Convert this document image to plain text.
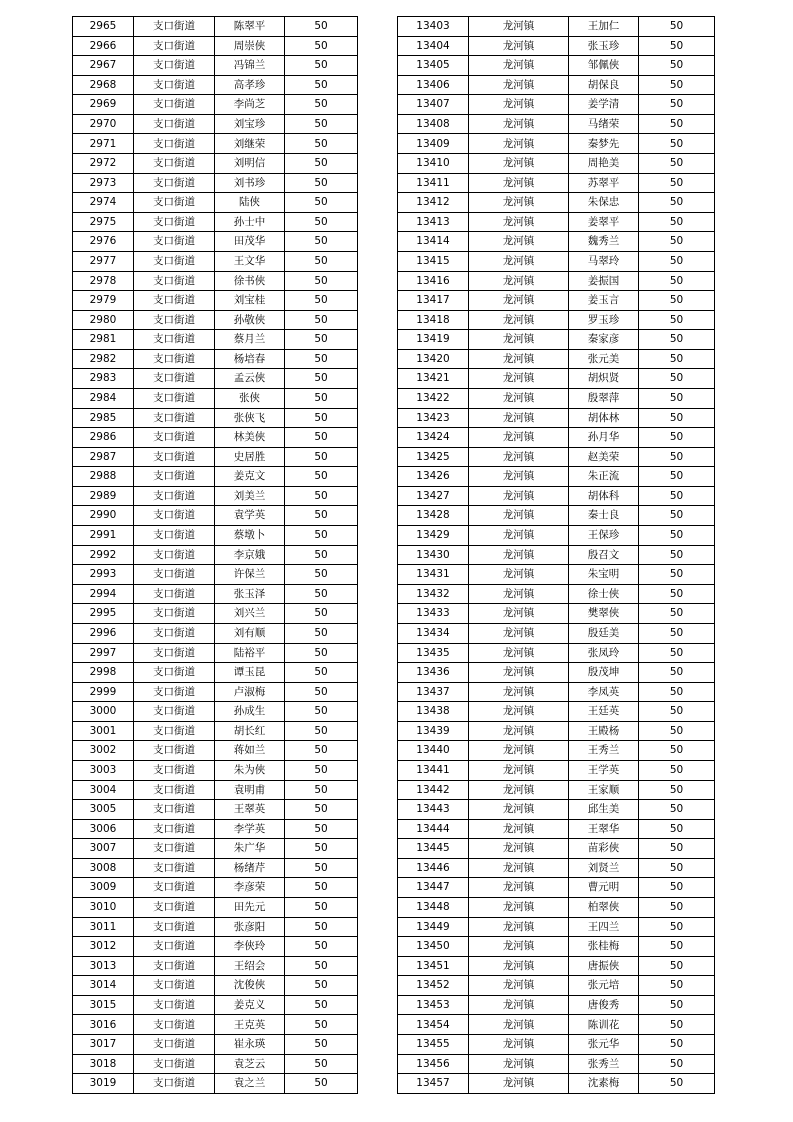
2965	支口街道	陈翠平	50
2966	支口街道	周崇俠	50
2967	支口街道	冯锦兰	50
2968	支口街道	高孝珍	50
2969	支口街道	李尚芝	50
2970	支口街道	刘宝珍	50
2971	支口街道	刘继荣	50
2972	支口街道	刘明信	50
2973	支口街道	刘书珍	50
2974	支口街道	陆俠	50
2975	支口街道	孙士中	50
2976	支口街道	田茂华	50
2977	支口街道	王文华	50
2978	支口街道	徐书俠	50
2979	支口街道	刘宝桂	50
2980	支口街道	孙敬俠	50
2981	支口街道	蔡月兰	50
2982	支口街道	杨培春	50
2983	支口街道	孟云俠	50
2984	支口街道	张俠	50
2985	支口街道	张俠飞	50
2986	支口街道	林美俠	50
2987	支口街道	史居胜	50
2988	支口街道	姜克文	50
2989	支口街道	刘美兰	50
2990	支口街道	袁学英	50
2991	支口街道	蔡墩卜	50
2992	支口街道	李京娥	50
2993	支口街道	许保兰	50
2994	支口街道	张玉泽	50
2995	支口街道	刘兴兰	50
2996	支口街道	刘有顺	50
2997	支口街道	陆裕平	50
2998	支口街道	谭玉昆	50
2999	支口街道	卢淑梅	50
3000	支口街道	孙成生	50
3001	支口街道	胡长红	50
3002	支口街道	蒋如兰	50
3003	支口街道	朱为俠	50
3004	支口街道	袁明甫	50
3005	支口街道	王翠英	50
3006	支口街道	李学英	50
3007	支口街道	朱广华	50
3008	支口街道	杨绪芹	50
3009	支口街道	李彦荣	50
3010	支口街道	田先元	50
3011	支口街道	张彦阳	50
3012	支口街道	李俠玲	50
3013	支口街道	王绍会	50
3014	支口街道	沈俊俠	50
3015	支口街道	姜克义	50
3016	支口街道	王克英	50
3017	支口街道	崔永瑛	50
3018	支口街道	袁芝云	50
3019	支口街道	袁之兰	50
13403	龙河镇	王加仁	50
13404	龙河镇	张玉珍	50
13405	龙河镇	邹佩俠	50
13406	龙河镇	胡保良	50
13407	龙河镇	姜学清	50
13408	龙河镇	马绪荣	50
13409	龙河镇	秦梦先	50
13410	龙河镇	周艳美	50
13411	龙河镇	苏翠平	50
13412	龙河镇	朱保忠	50
13413	龙河镇	姜翠平	50
13414	龙河镇	魏秀兰	50
13415	龙河镇	马翠玲	50
13416	龙河镇	姜振国	50
13417	龙河镇	姜玉言	50
13418	龙河镇	罗玉珍	50
13419	龙河镇	秦家彦	50
13420	龙河镇	张元美	50
13421	龙河镇	胡炽贤	50
13422	龙河镇	殷翠萍	50
13423	龙河镇	胡体林	50
13424	龙河镇	孙月华	50
13425	龙河镇	赵美荣	50
13426	龙河镇	朱正流	50
13427	龙河镇	胡体科	50
13428	龙河镇	秦士良	50
13429	龙河镇	王保珍	50
13430	龙河镇	殷召文	50
13431	龙河镇	朱宝明	50
13432	龙河镇	徐士俠	50
13433	龙河镇	樊翠俠	50
13434	龙河镇	殷廷美	50
13435	龙河镇	张凤玲	50
13436	龙河镇	殷茂坤	50
13437	龙河镇	李凤英	50
13438	龙河镇	王廷英	50
13439	龙河镇	王殿杨	50
13440	龙河镇	王秀兰	50
13441	龙河镇	王学英	50
13442	龙河镇	王家顺	50
13443	龙河镇	邱生美	50
13444	龙河镇	王翠华	50
13445	龙河镇	苗彩俠	50
13446	龙河镇	刘贤兰	50
13447	龙河镇	曹元明	50
13448	龙河镇	柏翠俠	50
13449	龙河镇	王四兰	50
13450	龙河镇	张桂梅	50
13451	龙河镇	唐振俠	50
13452	龙河镇	张元培	50
13453	龙河镇	唐俊秀	50
13454	龙河镇	陈训花	50
13455	龙河镇	张元华	50
13456	龙河镇	张秀兰	50
13457	龙河镇	沈素梅	50
